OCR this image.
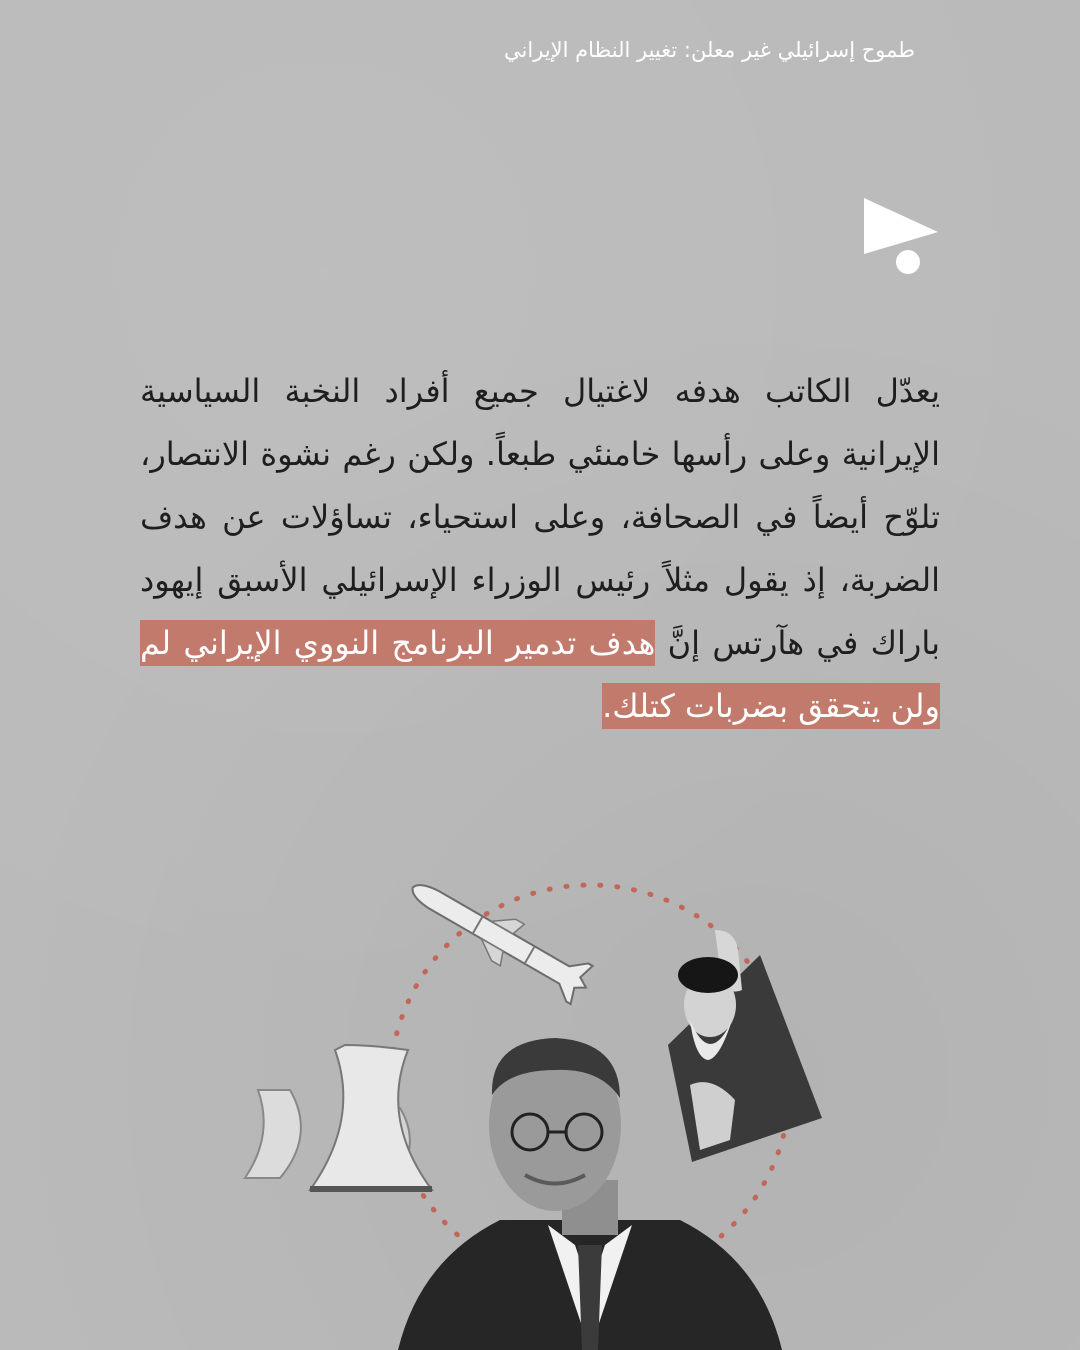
طموح إسرائيلي غير معلن: تغيير النظام الإيراني
يعدّل الكاتب هدفه لاغتيال جميع أفراد النخبة السياسية الإيرانية وعلى رأسها خامنئي طبعاً. ولكن رغم نشوة الانتصار، تلوّح أيضاً في الصحافة، وعلى استحياء، تساؤلات عن هدف الضربة، إذ يقول مثلاً رئيس الوزراء الإسرائيلي الأسبق إيهود باراك في هآرتس إنَّ هدف تدمير البرنامج النووي الإيراني لم ولن يتحقق بضربات كتلك.
